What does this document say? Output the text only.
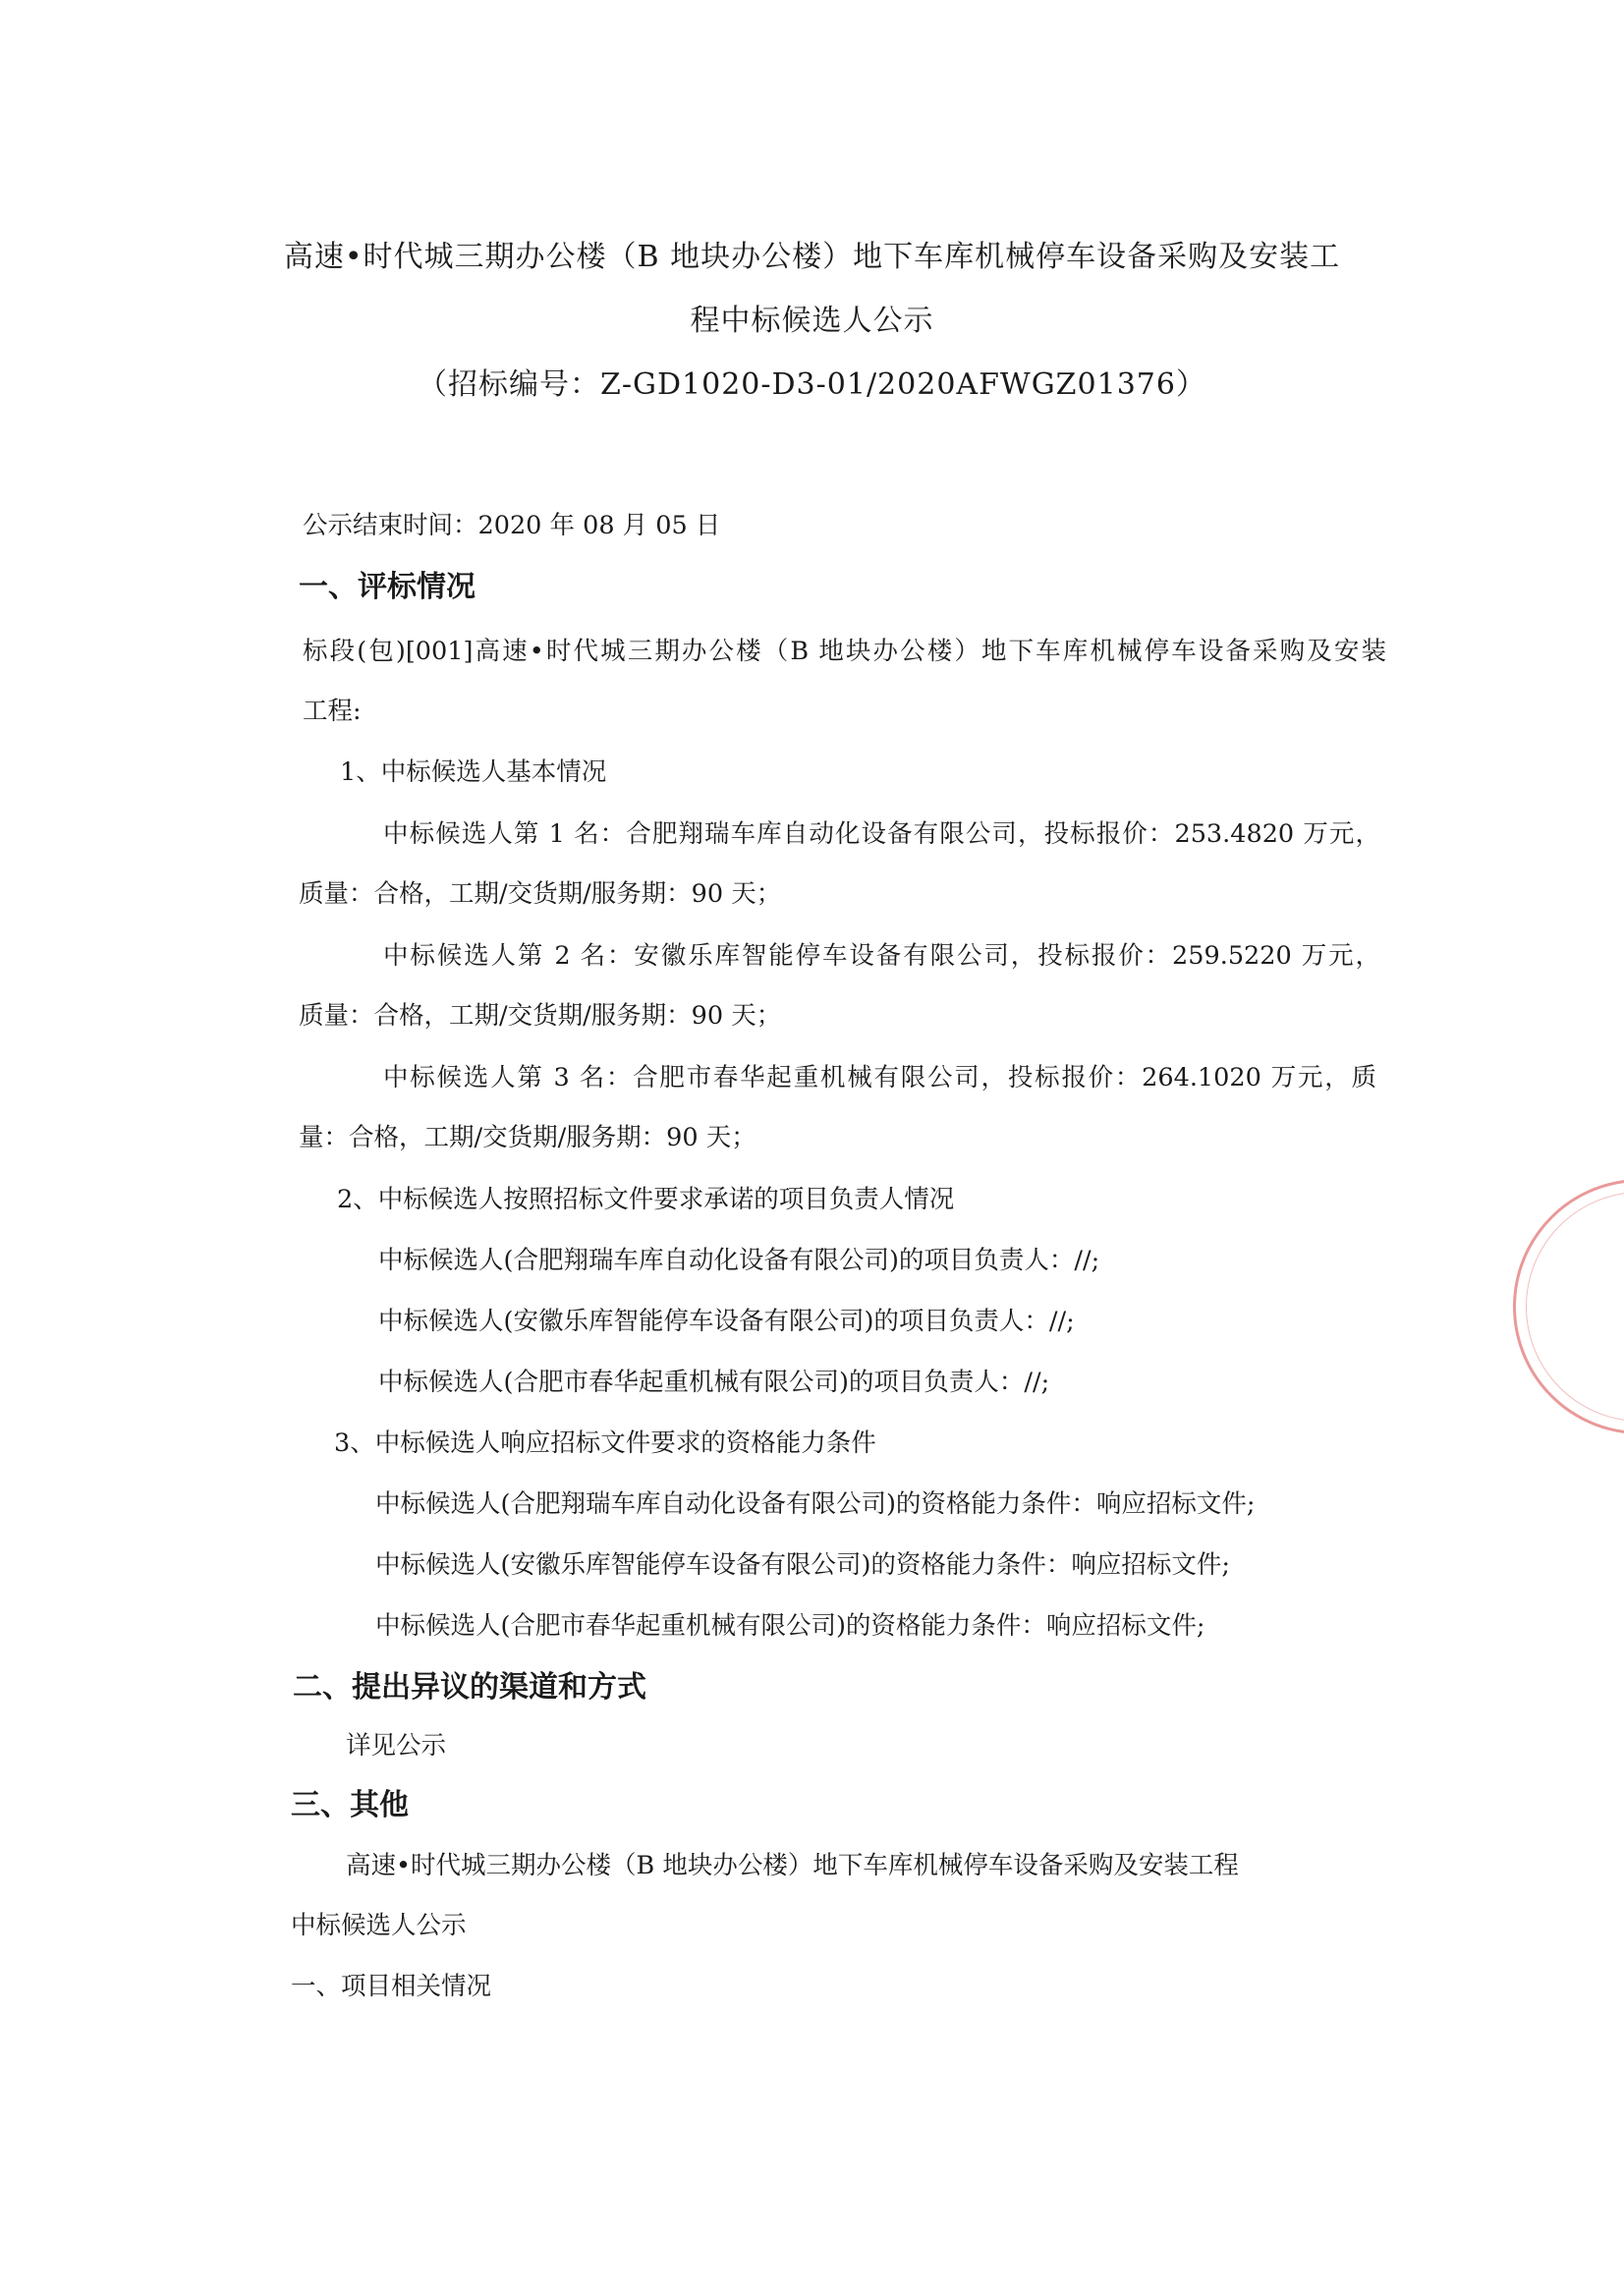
高速•时代城三期办公楼（B 地块办公楼）地下车库机械停车设备采购及安装工
程中标候选人公示
（招标编号：Z-GD1020-D3-01/2020AFWGZ01376）
公示结束时间：2020 年 08 月 05 日
一、评标情况
标段(包)[001]高速•时代城三期办公楼（B 地块办公楼）地下车库机械停车设备采购及安装
工程:
1、中标候选人基本情况
中标候选人第 1 名：合肥翔瑞车库自动化设备有限公司，投标报价：253.4820 万元，
质量：合格，工期/交货期/服务期：90 天；
中标候选人第 2 名：安徽乐库智能停车设备有限公司，投标报价：259.5220 万元，
质量：合格，工期/交货期/服务期：90 天；
中标候选人第 3 名：合肥市春华起重机械有限公司，投标报价：264.1020 万元，质
量：合格，工期/交货期/服务期：90 天；
2、中标候选人按照招标文件要求承诺的项目负责人情况
中标候选人(合肥翔瑞车库自动化设备有限公司)的项目负责人：//;
中标候选人(安徽乐库智能停车设备有限公司)的项目负责人：//;
中标候选人(合肥市春华起重机械有限公司)的项目负责人：//;
3、中标候选人响应招标文件要求的资格能力条件
中标候选人(合肥翔瑞车库自动化设备有限公司)的资格能力条件：响应招标文件;
中标候选人(安徽乐库智能停车设备有限公司)的资格能力条件：响应招标文件;
中标候选人(合肥市春华起重机械有限公司)的资格能力条件：响应招标文件;
二、提出异议的渠道和方式
详见公示
三、其他
高速•时代城三期办公楼（B 地块办公楼）地下车库机械停车设备采购及安装工程
中标候选人公示
一、项目相关情况
